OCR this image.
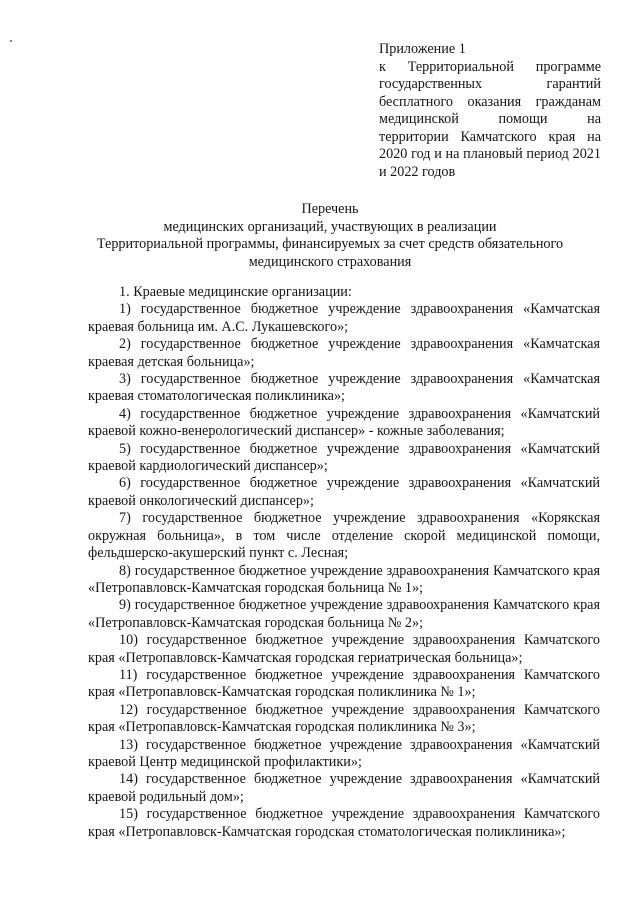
Приложение 1
к Территориальной программе государственных гарантий бесплатного оказания гражданам медицинской помощи на территории Камчатского края на 2020 год и на плановый период 2021 и 2022 годов
Перечень
медицинских организаций, участвующих в реализации
Территориальной программы, финансируемых за счет средств обязательного медицинского страхования

1. Краевые медицинские организации:

1) государственное бюджетное учреждение здравоохранения «Камчатская краевая больница им. А.С. Лукашевского»;

2) государственное бюджетное учреждение здравоохранения «Камчатская краевая детская больница»;

3) государственное бюджетное учреждение здравоохранения «Камчатская краевая стоматологическая поликлиника»;

4) государственное бюджетное учреждение здравоохранения «Камчатский краевой кожно-венерологический диспансер» - кожные заболевания;

5) государственное бюджетное учреждение здравоохранения «Камчатский краевой кардиологический диспансер»;

6) государственное бюджетное учреждение здравоохранения «Камчатский краевой онкологический диспансер»;

7) государственное бюджетное учреждение здравоохранения «Корякская окружная больница», в том числе отделение скорой медицинской помощи, фельдшерско-акушерский пункт с. Лесная;

8) государственное бюджетное учреждение здравоохранения Камчатского края «Петропавловск-Камчатская городская больница № 1»;

9) государственное бюджетное учреждение здравоохранения Камчатского края «Петропавловск-Камчатская городская больница № 2»;

10) государственное бюджетное учреждение здравоохранения Камчатского края «Петропавловск-Камчатская городская гериатрическая больница»;

11) государственное бюджетное учреждение здравоохранения Камчатского края «Петропавловск-Камчатская городская поликлиника № 1»;

12) государственное бюджетное учреждение здравоохранения Камчатского края «Петропавловск-Камчатская городская поликлиника № 3»;

13) государственное бюджетное учреждение здравоохранения «Камчатский краевой Центр медицинской профилактики»;

14) государственное бюджетное учреждение здравоохранения «Камчатский краевой родильный дом»;

15) государственное бюджетное учреждение здравоохранения Камчатского края «Петропавловск-Камчатская городская стоматологическая поликлиника»;
